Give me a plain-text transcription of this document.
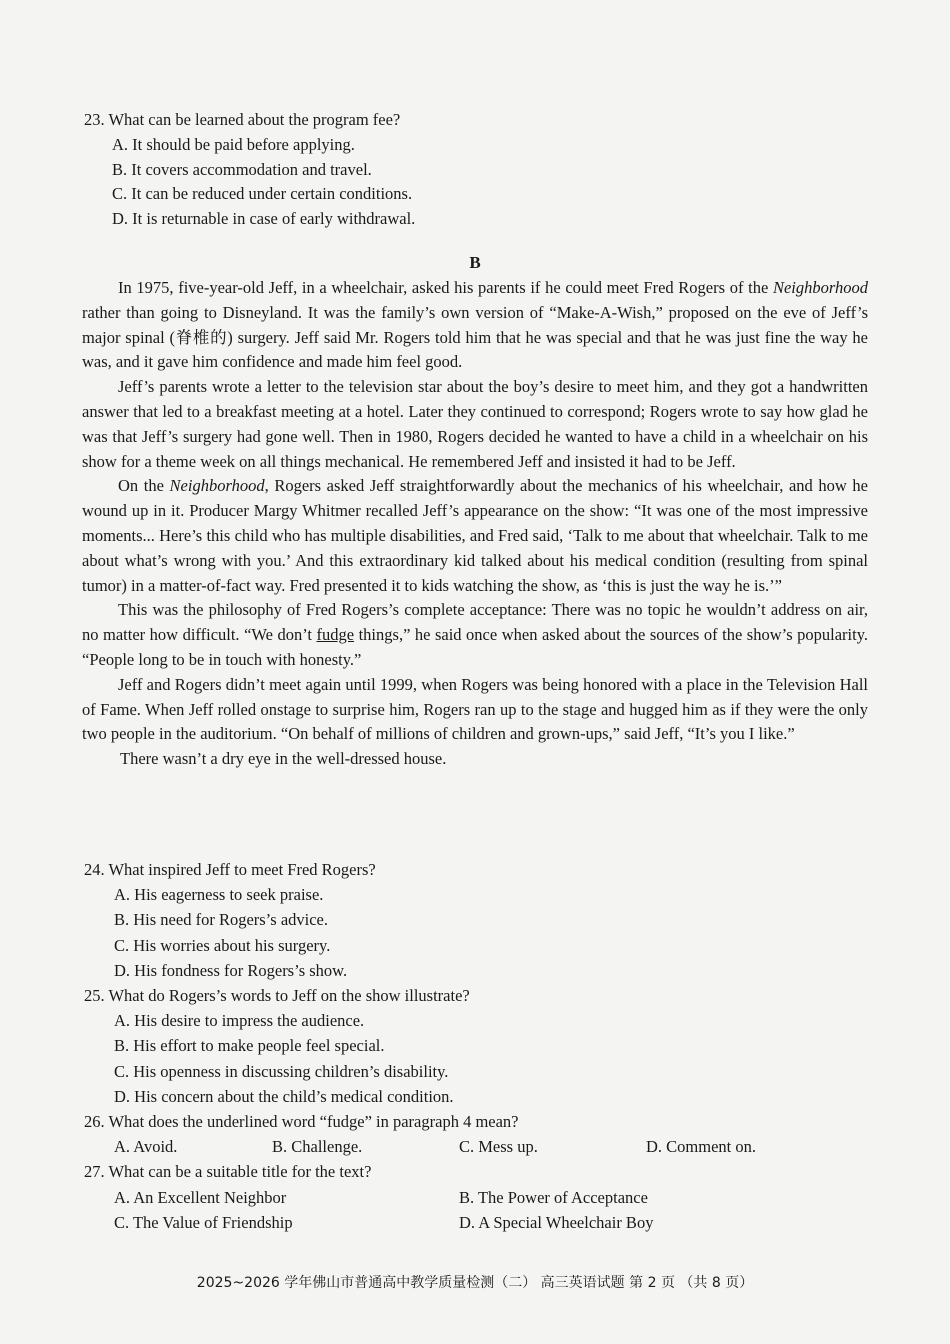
23. What can be learned about the program fee?
A. It should be paid before applying.
B. It covers accommodation and travel.
C. It can be reduced under certain conditions.
D. It is returnable in case of early withdrawal.
B

In 1975, five-year-old Jeff, in a wheelchair, asked his parents if he could meet Fred Rogers of the Neighborhood rather than going to Disneyland. It was the family’s own version of “Make-A-Wish,” proposed on the eve of Jeff’s major spinal (脊椎的) surgery. Jeff said Mr. Rogers told him that he was special and that he was just fine the way he was, and it gave him confidence and made him feel good.

Jeff’s parents wrote a letter to the television star about the boy’s desire to meet him, and they got a handwritten answer that led to a breakfast meeting at a hotel. Later they continued to correspond; Rogers wrote to say how glad he was that Jeff’s surgery had gone well. Then in 1980, Rogers decided he wanted to have a child in a wheelchair on his show for a theme week on all things mechanical. He remembered Jeff and insisted it had to be Jeff.

On the Neighborhood, Rogers asked Jeff straightforwardly about the mechanics of his wheelchair, and how he wound up in it. Producer Margy Whitmer recalled Jeff’s appearance on the show: “It was one of the most impressive moments... Here’s this child who has multiple disabilities, and Fred said, ‘Talk to me about that wheelchair. Talk to me about what’s wrong with you.’ And this extraordinary kid talked about his medical condition (resulting from spinal tumor) in a matter-of-fact way. Fred presented it to kids watching the show, as ‘this is just the way he is.’”

This was the philosophy of Fred Rogers’s complete acceptance: There was no topic he wouldn’t address on air, no matter how difficult. “We don’t fudge things,” he said once when asked about the sources of the show’s popularity. “People long to be in touch with honesty.”

Jeff and Rogers didn’t meet again until 1999, when Rogers was being honored with a place in the Television Hall of Fame. When Jeff rolled onstage to surprise him, Rogers ran up to the stage and hugged him as if they were the only two people in the auditorium. “On behalf of millions of children and grown-ups,” said Jeff, “It’s you I like.”

There wasn’t a dry eye in the well-dressed house.

24. What inspired Jeff to meet Fred Rogers?
A. His eagerness to seek praise.
B. His need for Rogers’s advice.
C. His worries about his surgery.
D. His fondness for Rogers’s show.
25. What do Rogers’s words to Jeff on the show illustrate?
A. His desire to impress the audience.
B. His effort to make people feel special.
C. His openness in discussing children’s disability.
D. His concern about the child’s medical condition.
26. What does the underlined word “fudge” in paragraph 4 mean?
A. Avoid.	B. Challenge.	C. Mess up.	D. Comment on.
27. What can be a suitable title for the text?
A. An Excellent Neighbor	B. The Power of Acceptance
C. The Value of Friendship	D. A Special Wheelchair Boy
2025~2026 学年佛山市普通高中教学质量检测（二） 高三英语试题 第 2 页 （共 8 页）
